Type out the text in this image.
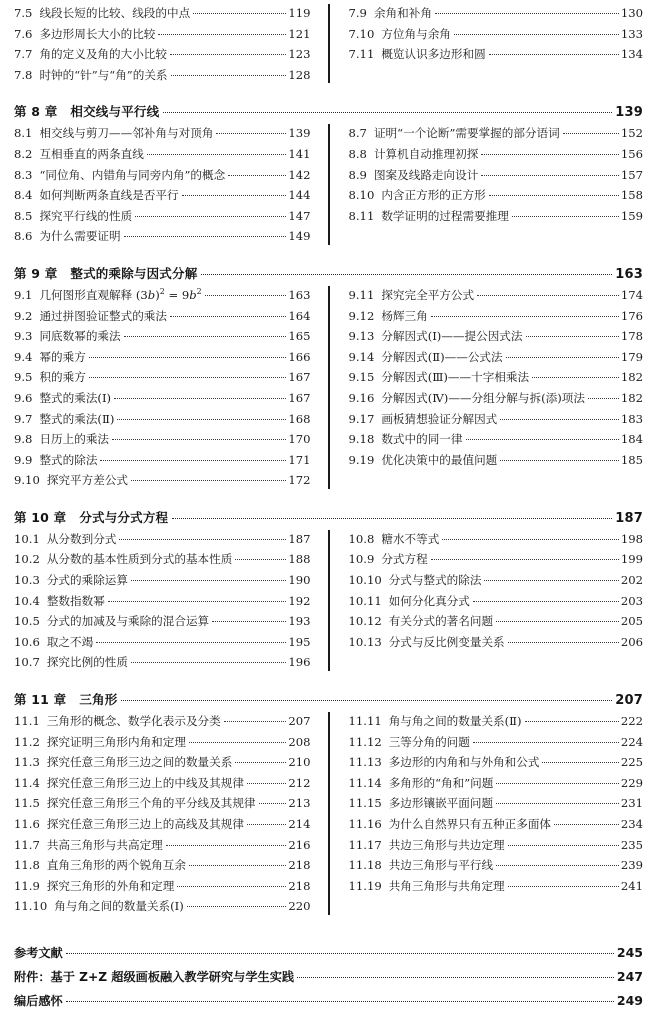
7.5 线段长短的比较、线段的中点	119
7.6 多边形周长大小的比较	121
7.7 角的定义及角的大小比较	123
7.8 时钟的“针”与“角”的关系	128
7.9 余角和补角	130
7.10 方位角与余角	133
7.11 概览认识多边形和圆	134
第 8 章 相交线与平行线	139
8.1 相交线与剪刀——邻补角与对顶角	139
8.2 互相垂直的两条直线	141
8.3 “同位角、内错角与同旁内角”的概念	142
8.4 如何判断两条直线是否平行	144
8.5 探究平行线的性质	147
8.6 为什么需要证明	149
8.7 证明“一个论断”需要掌握的部分语词	152
8.8 计算机自动推理初探	156
8.9 图案及线路走向设计	157
8.10 内含正方形的正方形	158
8.11 数学证明的过程需要推理	159
第 9 章 整式的乘除与因式分解	163
9.1 几何图形直观解释 $(3b)^2 = 9b^2$	163
9.2 通过拼图验证整式的乘法	164
9.3 同底数幂的乘法	165
9.4 幂的乘方	166
9.5 积的乘方	167
9.6 整式的乘法(Ⅰ)	167
9.7 整式的乘法(Ⅱ)	168
9.8 日历上的乘法	170
9.9 整式的除法	171
9.10 探究平方差公式	172
9.11 探究完全平方公式	174
9.12 杨辉三角	176
9.13 分解因式(Ⅰ)——提公因式法	178
9.14 分解因式(Ⅱ)——公式法	179
9.15 分解因式(Ⅲ)——十字相乘法	182
9.16 分解因式(Ⅳ)——分组分解与拆(添)项法	182
9.17 画板猜想验证分解因式	183
9.18 数式中的同一律	184
9.19 优化决策中的最值问题	185
第 10 章 分式与分式方程	187
10.1 从分数到分式	187
10.2 从分数的基本性质到分式的基本性质	188
10.3 分式的乘除运算	190
10.4 整数指数幂	192
10.5 分式的加减及与乘除的混合运算	193
10.6 取之不竭	195
10.7 探究比例的性质	196
10.8 糖水不等式	198
10.9 分式方程	199
10.10 分式与整式的除法	202
10.11 如何分化真分式	203
10.12 有关分式的著名问题	205
10.13 分式与反比例变量关系	206
第 11 章 三角形	207
11.1 三角形的概念、数学化表示及分类	207
11.2 探究证明三角形内角和定理	208
11.3 探究任意三角形三边之间的数量关系	210
11.4 探究任意三角形三边上的中线及其规律	212
11.5 探究任意三角形三个角的平分线及其规律	213
11.6 探究任意三角形三边上的高线及其规律	214
11.7 共高三角形与共高定理	216
11.8 直角三角形的两个锐角互余	218
11.9 探究三角形的外角和定理	218
11.10 角与角之间的数量关系(Ⅰ)	220
11.11 角与角之间的数量关系(Ⅱ)	222
11.12 三等分角的问题	224
11.13 多边形的内角和与外角和公式	225
11.14 多角形的“角和”问题	229
11.15 多边形镶嵌平面问题	231
11.16 为什么自然界只有五种正多面体	234
11.17 共边三角形与共边定理	235
11.18 共边三角形与平行线	239
11.19 共角三角形与共角定理	241
参考文献	245
附件：基于 Z+Z 超级画板融入教学研究与学生实践	247
编后感怀	249
